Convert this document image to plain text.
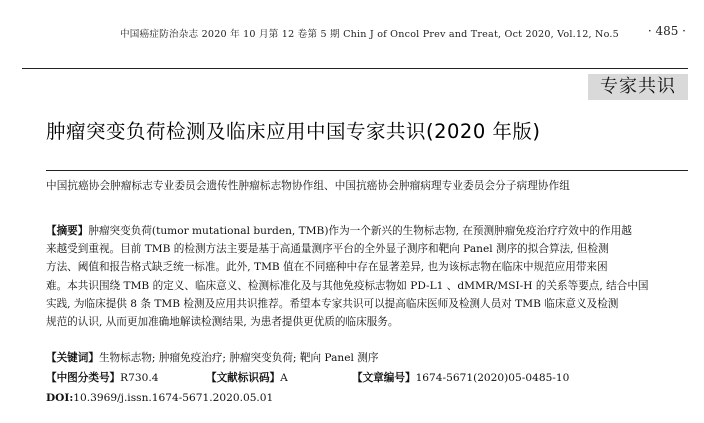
中国癌症防治杂志 2020 年 10 月第 12 卷第 5 期 Chin J of Oncol Prev and Treat, Oct 2020, Vol.12, No.5 · 485 ·
专家共识
肿瘤突变负荷检测及临床应用中国专家共识(2020 年版)
中国抗癌协会肿瘤标志专业委员会遗传性肿瘤标志物协作组、中国抗癌协会肿瘤病理专业委员会分子病理协作组
【摘要】肿瘤突变负荷(tumor mutational burden, TMB)作为一个新兴的生物标志物, 在预测肿瘤免疫治疗疗效中的作用越
来越受到重视。目前 TMB 的检测方法主要是基于高通量测序平台的全外显子测序和靶向 Panel 测序的拟合算法, 但检测
方法、阈值和报告格式缺乏统一标准。此外, TMB 值在不同癌种中存在显著差异, 也为该标志物在临床中规范应用带来困
难。本共识围绕 TMB 的定义、临床意义、检测标准化及与其他免疫标志物如 PD-L1 、dMMR/MSI-H 的关系等要点, 结合中国
实践, 为临床提供 8 条 TMB 检测及应用共识推荐。希望本专家共识可以提高临床医师及检测人员对 TMB 临床意义及检测
规范的认识, 从而更加准确地解读检测结果, 为患者提供更优质的临床服务。
【关键词】生物标志物; 肿瘤免疫治疗; 肿瘤突变负荷; 靶向 Panel 测序
【中图分类号】R730.4	【文献标识码】A	【文章编号】1674-5671(2020)05-0485-10
DOI:10.3969/j.issn.1674-5671.2020.05.01
